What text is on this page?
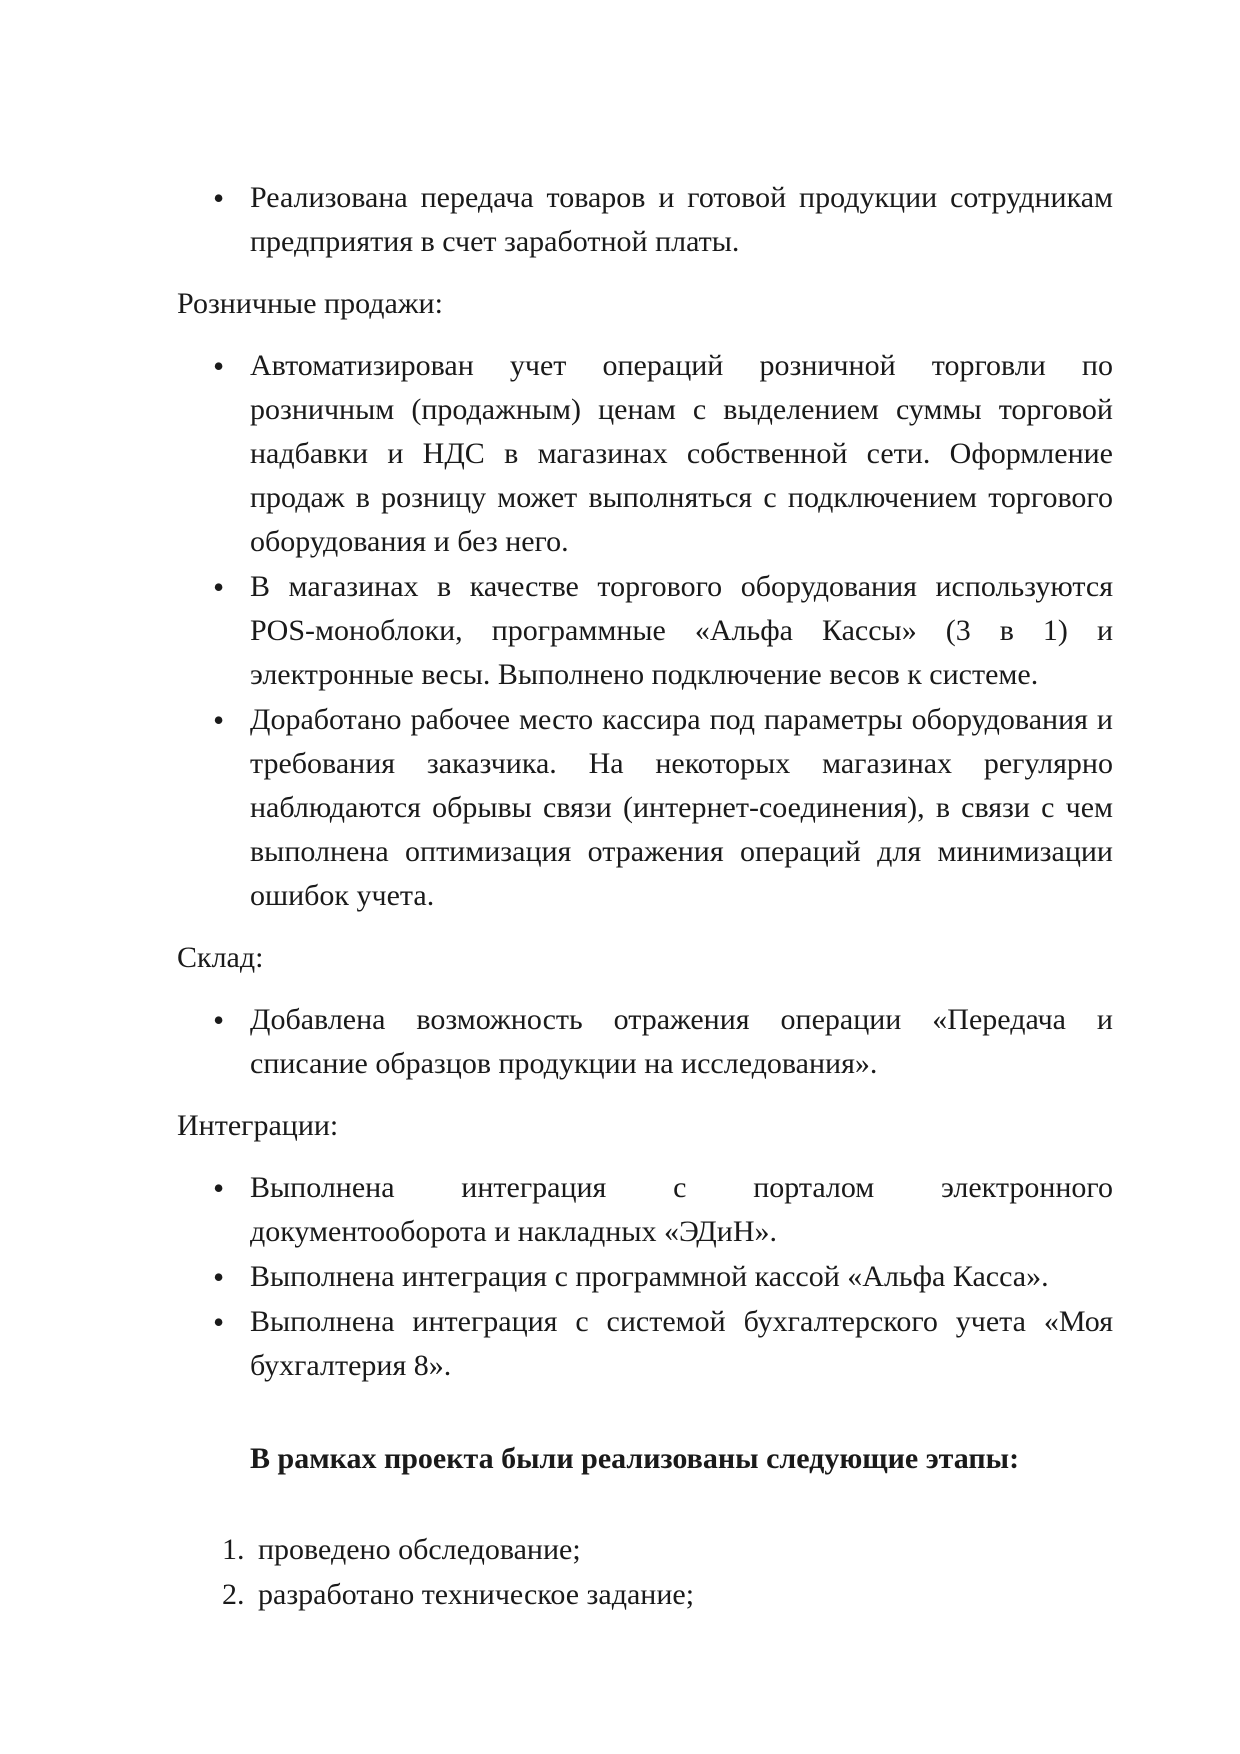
• Реализована передача товаров и готовой продукции сотрудникам предприятия в счет заработной платы.

Розничные продажи:

• Автоматизирован учет операций розничной торговли по розничным (продажным) ценам с выделением суммы торговой надбавки и НДС в магазинах собственной сети. Оформление продаж в розницу может выполняться с подключением торгового оборудования и без него.
• В магазинах в качестве торгового оборудования используются POS-моноблоки, программные «Альфа Кассы» (3 в 1) и электронные весы. Выполнено подключение весов к системе.
• Доработано рабочее место кассира под параметры оборудования и требования заказчика. На некоторых магазинах регулярно наблюдаются обрывы связи (интернет-соединения), в связи с чем выполнена оптимизация отражения операций для минимизации ошибок учета.

Склад:

• Добавлена возможность отражения операции «Передача и списание образцов продукции на исследования».

Интеграции:

• Выполнена интеграция с порталом электронного документооборота и накладных «ЭДиН».
• Выполнена интеграция с программной кассой «Альфа Касса».
• Выполнена интеграция с системой бухгалтерского учета «Моя бухгалтерия 8».

В рамках проекта были реализованы следующие этапы:

1. проведено обследование;
2. разработано техническое задание;
